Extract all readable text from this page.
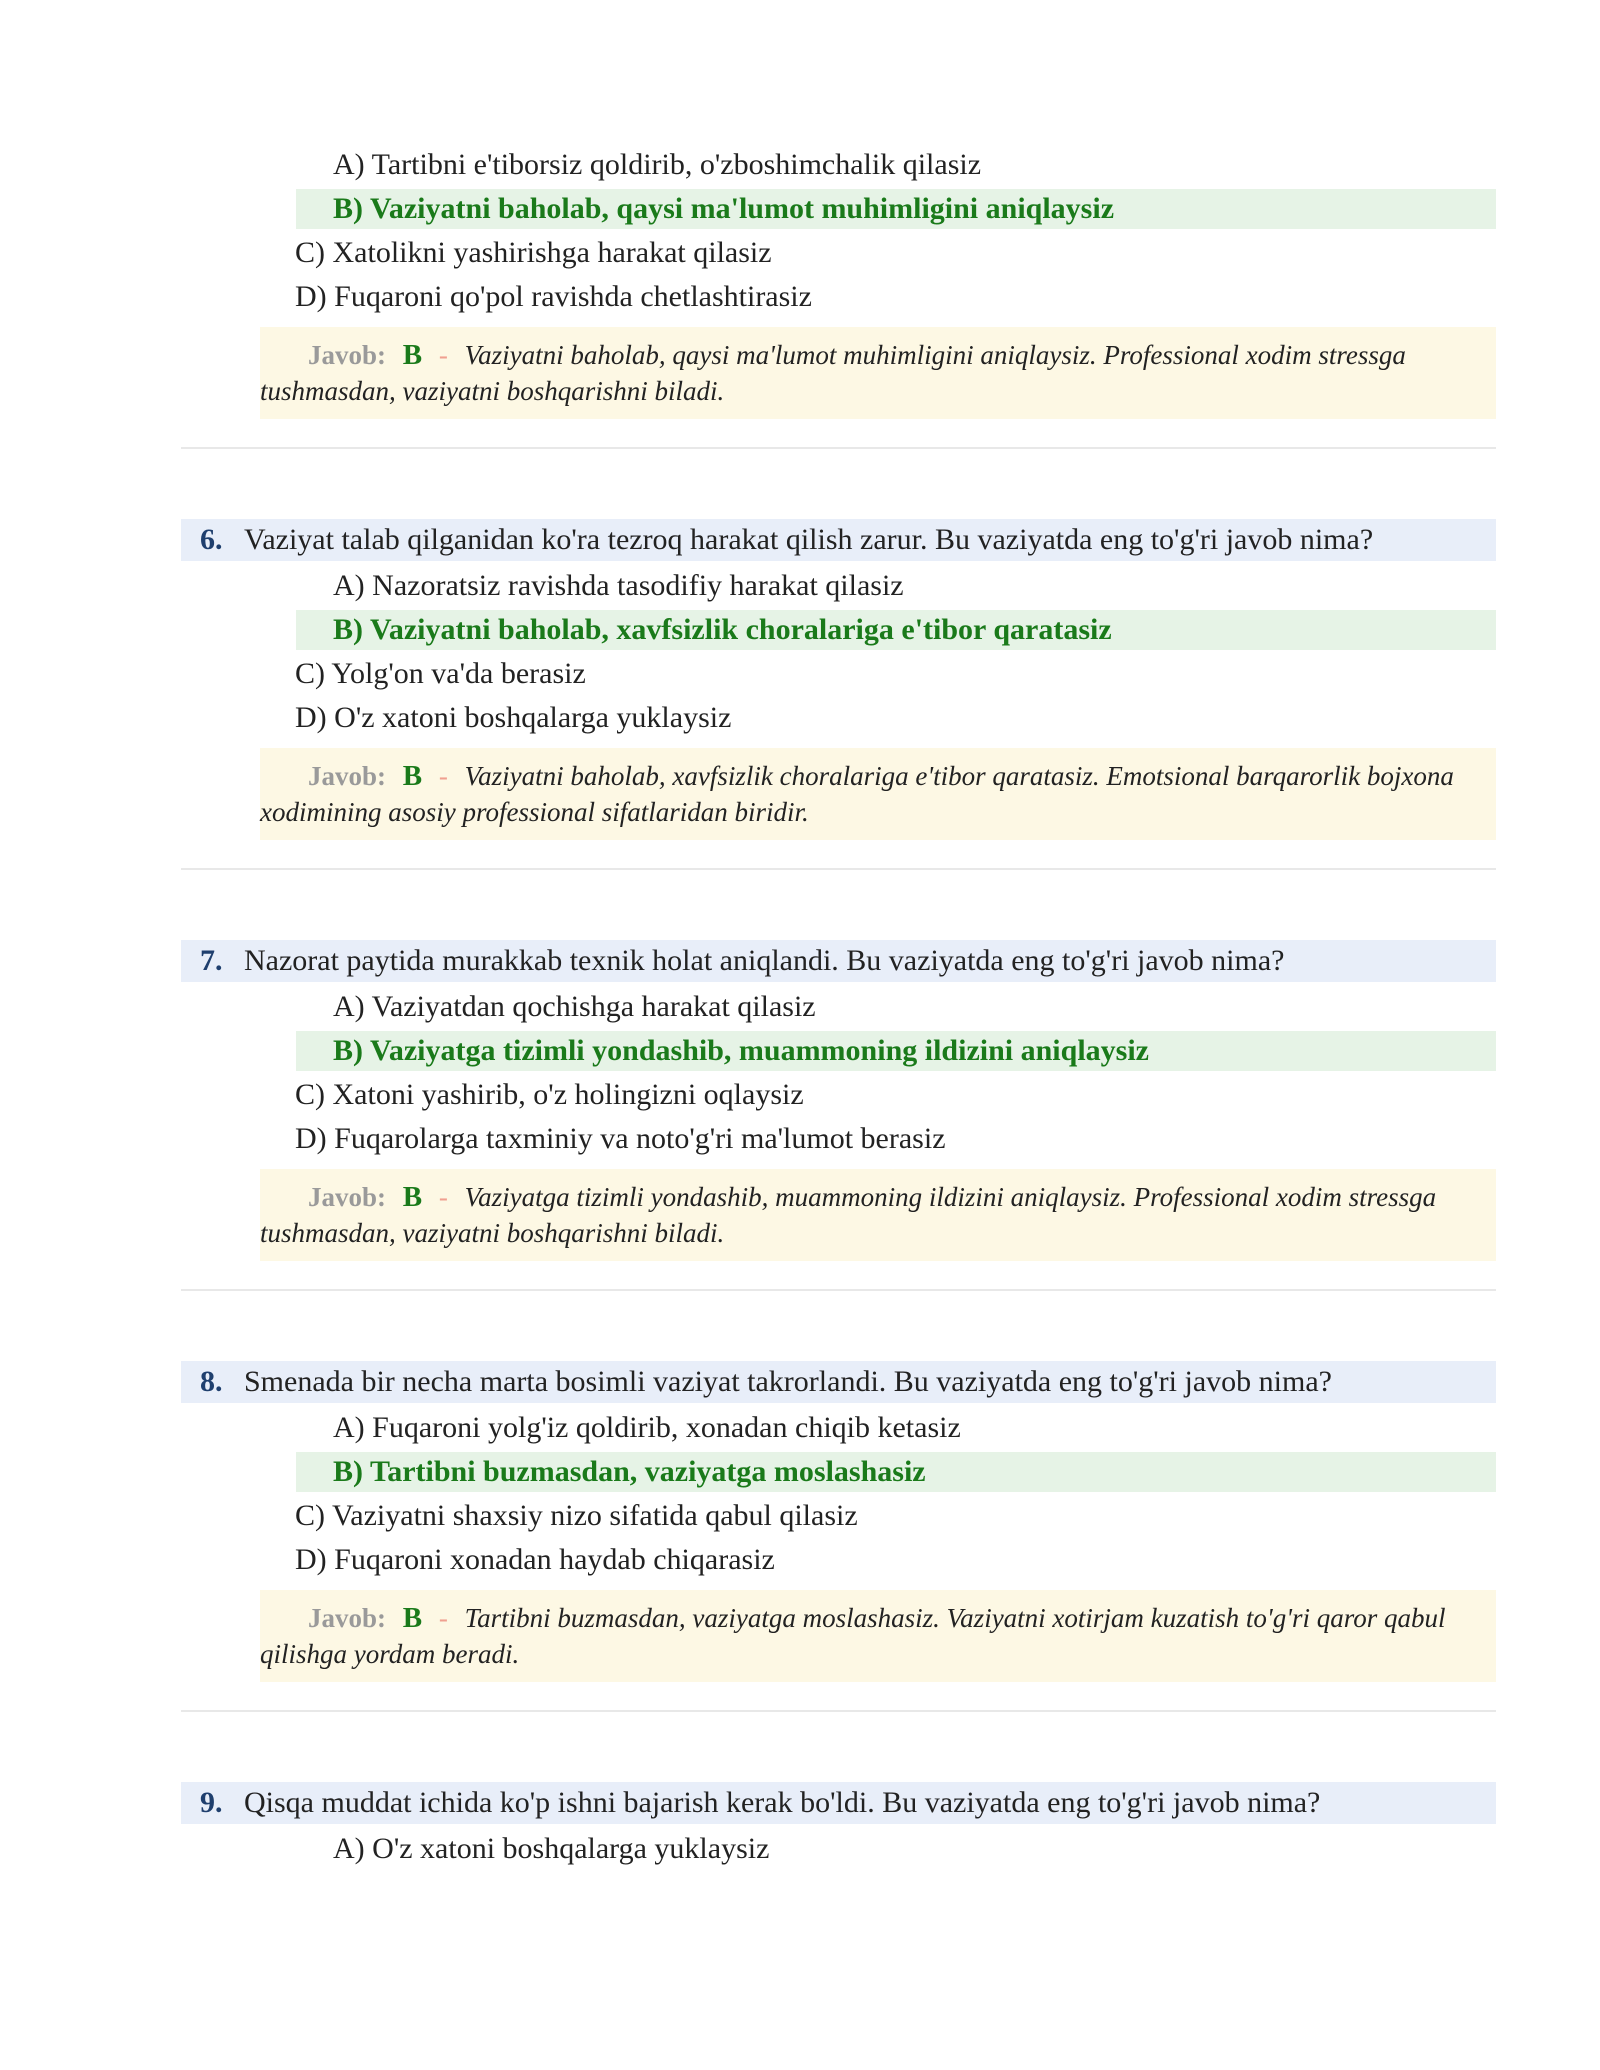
A) Tartibni e'tiborsiz qoldirib, o'zboshimchalik qilasiz
B) Vaziyatni baholab, qaysi ma'lumot muhimligini aniqlaysiz
C) Xatolikni yashirishga harakat qilasiz
D) Fuqaroni qo'pol ravishda chetlashtirasiz
Javob: B - Vaziyatni baholab, qaysi ma'lumot muhimligini aniqlaysiz. Professional xodim stressga tushmasdan, vaziyatni boshqarishni biladi.
6. Vaziyat talab qilganidan ko'ra tezroq harakat qilish zarur. Bu vaziyatda eng to'g'ri javob nima?
A) Nazoratsiz ravishda tasodifiy harakat qilasiz
B) Vaziyatni baholab, xavfsizlik choralariga e'tibor qaratasiz
C) Yolg'on va'da berasiz
D) O'z xatoni boshqalarga yuklaysiz
Javob: B - Vaziyatni baholab, xavfsizlik choralariga e'tibor qaratasiz. Emotsional barqarorlik bojxona xodimining asosiy professional sifatlaridan biridir.
7. Nazorat paytida murakkab texnik holat aniqlandi. Bu vaziyatda eng to'g'ri javob nima?
A) Vaziyatdan qochishga harakat qilasiz
B) Vaziyatga tizimli yondashib, muammoning ildizini aniqlaysiz
C) Xatoni yashirib, o'z holingizni oqlaysiz
D) Fuqarolarga taxminiy va noto'g'ri ma'lumot berasiz
Javob: B - Vaziyatga tizimli yondashib, muammoning ildizini aniqlaysiz. Professional xodim stressga tushmasdan, vaziyatni boshqarishni biladi.
8. Smenada bir necha marta bosimli vaziyat takrorlandi. Bu vaziyatda eng to'g'ri javob nima?
A) Fuqaroni yolg'iz qoldirib, xonadan chiqib ketasiz
B) Tartibni buzmasdan, vaziyatga moslashasiz
C) Vaziyatni shaxsiy nizo sifatida qabul qilasiz
D) Fuqaroni xonadan haydab chiqarasiz
Javob: B - Tartibni buzmasdan, vaziyatga moslashasiz. Vaziyatni xotirjam kuzatish to'g'ri qaror qabul qilishga yordam beradi.
9. Qisqa muddat ichida ko'p ishni bajarish kerak bo'ldi. Bu vaziyatda eng to'g'ri javob nima?
A) O'z xatoni boshqalarga yuklaysiz
